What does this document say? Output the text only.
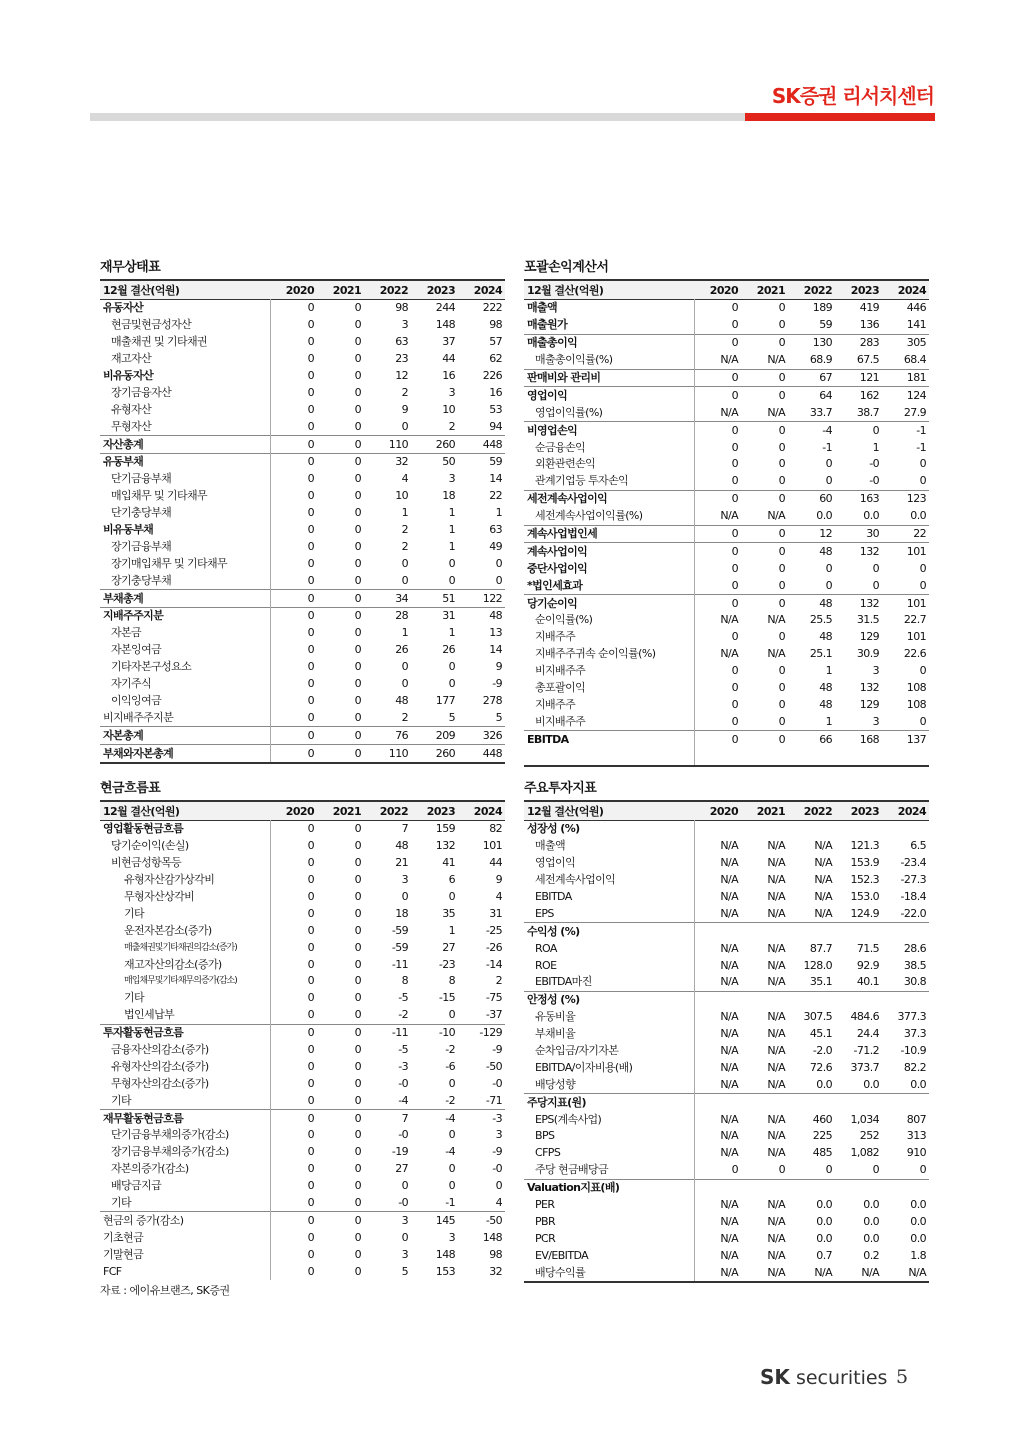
SK증권 리서치센터
재무상태표
12월 결산(억원)	2020	2021	2022	2023	2024
유동자산	0	0	98	244	222
현금및현금성자산	0	0	3	148	98
매출채권 및 기타채권	0	0	63	37	57
재고자산	0	0	23	44	62
비유동자산	0	0	12	16	226
장기금융자산	0	0	2	3	16
유형자산	0	0	9	10	53
무형자산	0	0	0	2	94
자산총계	0	0	110	260	448
유동부채	0	0	32	50	59
단기금융부채	0	0	4	3	14
매입채무 및 기타채무	0	0	10	18	22
단기충당부채	0	0	1	1	1
비유동부채	0	0	2	1	63
장기금융부채	0	0	2	1	49
장기매입채무 및 기타채무	0	0	0	0	0
장기충당부채	0	0	0	0	0
부채총계	0	0	34	51	122
지배주주지분	0	0	28	31	48
자본금	0	0	1	1	13
자본잉여금	0	0	26	26	14
기타자본구성요소	0	0	0	0	9
자기주식	0	0	0	0	-9
이익잉여금	0	0	48	177	278
비지배주주지분	0	0	2	5	5
자본총계	0	0	76	209	326
부채와자본총계	0	0	110	260	448
포괄손익계산서
12월 결산(억원)	2020	2021	2022	2023	2024
매출액	0	0	189	419	446
매출원가	0	0	59	136	141
매출총이익	0	0	130	283	305
매출총이익률(%)	N/A	N/A	68.9	67.5	68.4
판매비와 관리비	0	0	67	121	181
영업이익	0	0	64	162	124
영업이익률(%)	N/A	N/A	33.7	38.7	27.9
비영업손익	0	0	-4	0	-1
순금융손익	0	0	-1	1	-1
외환관련손익	0	0	0	-0	0
관계기업등 투자손익	0	0	0	-0	0
세전계속사업이익	0	0	60	163	123
세전계속사업이익률(%)	N/A	N/A	0.0	0.0	0.0
계속사업법인세	0	0	12	30	22
계속사업이익	0	0	48	132	101
중단사업이익	0	0	0	0	0
*법인세효과	0	0	0	0	0
당기순이익	0	0	48	132	101
순이익률(%)	N/A	N/A	25.5	31.5	22.7
지배주주	0	0	48	129	101
지배주주귀속 순이익률(%)	N/A	N/A	25.1	30.9	22.6
비지배주주	0	0	1	3	0
총포괄이익	0	0	48	132	108
지배주주	0	0	48	129	108
비지배주주	0	0	1	3	0
EBITDA	0	0	66	168	137

현금흐름표
12월 결산(억원)	2020	2021	2022	2023	2024
영업활동현금흐름	0	0	7	159	82
당기순이익(손실)	0	0	48	132	101
비현금성항목등	0	0	21	41	44
유형자산감가상각비	0	0	3	6	9
무형자산상각비	0	0	0	0	4
기타	0	0	18	35	31
운전자본감소(증가)	0	0	-59	1	-25
매출채권및기타채권의감소(증가)	0	0	-59	27	-26
재고자산의감소(증가)	0	0	-11	-23	-14
매입채무및기타채무의증가(감소)	0	0	8	8	2
기타	0	0	-5	-15	-75
법인세납부	0	0	-2	0	-37
투자활동현금흐름	0	0	-11	-10	-129
금융자산의감소(증가)	0	0	-5	-2	-9
유형자산의감소(증가)	0	0	-3	-6	-50
무형자산의감소(증가)	0	0	-0	0	-0
기타	0	0	-4	-2	-71
재무활동현금흐름	0	0	7	-4	-3
단기금융부채의증가(감소)	0	0	-0	0	3
장기금융부채의증가(감소)	0	0	-19	-4	-9
자본의증가(감소)	0	0	27	0	-0
배당금지급	0	0	0	0	0
기타	0	0	-0	-1	4
현금의 증가(감소)	0	0	3	145	-50
기초현금	0	0	0	3	148
기말현금	0	0	3	148	98
FCF	0	0	5	153	32
주요투자지표
12월 결산(억원)	2020	2021	2022	2023	2024
성장성 (%)					
매출액	N/A	N/A	N/A	121.3	6.5
영업이익	N/A	N/A	N/A	153.9	-23.4
세전계속사업이익	N/A	N/A	N/A	152.3	-27.3
EBITDA	N/A	N/A	N/A	153.0	-18.4
EPS	N/A	N/A	N/A	124.9	-22.0
수익성 (%)					
ROA	N/A	N/A	87.7	71.5	28.6
ROE	N/A	N/A	128.0	92.9	38.5
EBITDA마진	N/A	N/A	35.1	40.1	30.8
안정성 (%)					
유동비율	N/A	N/A	307.5	484.6	377.3
부채비율	N/A	N/A	45.1	24.4	37.3
순차입금/자기자본	N/A	N/A	-2.0	-71.2	-10.9
EBITDA/이자비용(배)	N/A	N/A	72.6	373.7	82.2
배당성향	N/A	N/A	0.0	0.0	0.0
주당지표(원)					
EPS(계속사업)	N/A	N/A	460	1,034	807
BPS	N/A	N/A	225	252	313
CFPS	N/A	N/A	485	1,082	910
주당 현금배당금	0	0	0	0	0
Valuation지표(배)					
PER	N/A	N/A	0.0	0.0	0.0
PBR	N/A	N/A	0.0	0.0	0.0
PCR	N/A	N/A	0.0	0.0	0.0
EV/EBITDA	N/A	N/A	0.7	0.2	1.8
배당수익률	N/A	N/A	N/A	N/A	N/A
자료 : 에이유브랜즈, SK증권
SK securities 5
